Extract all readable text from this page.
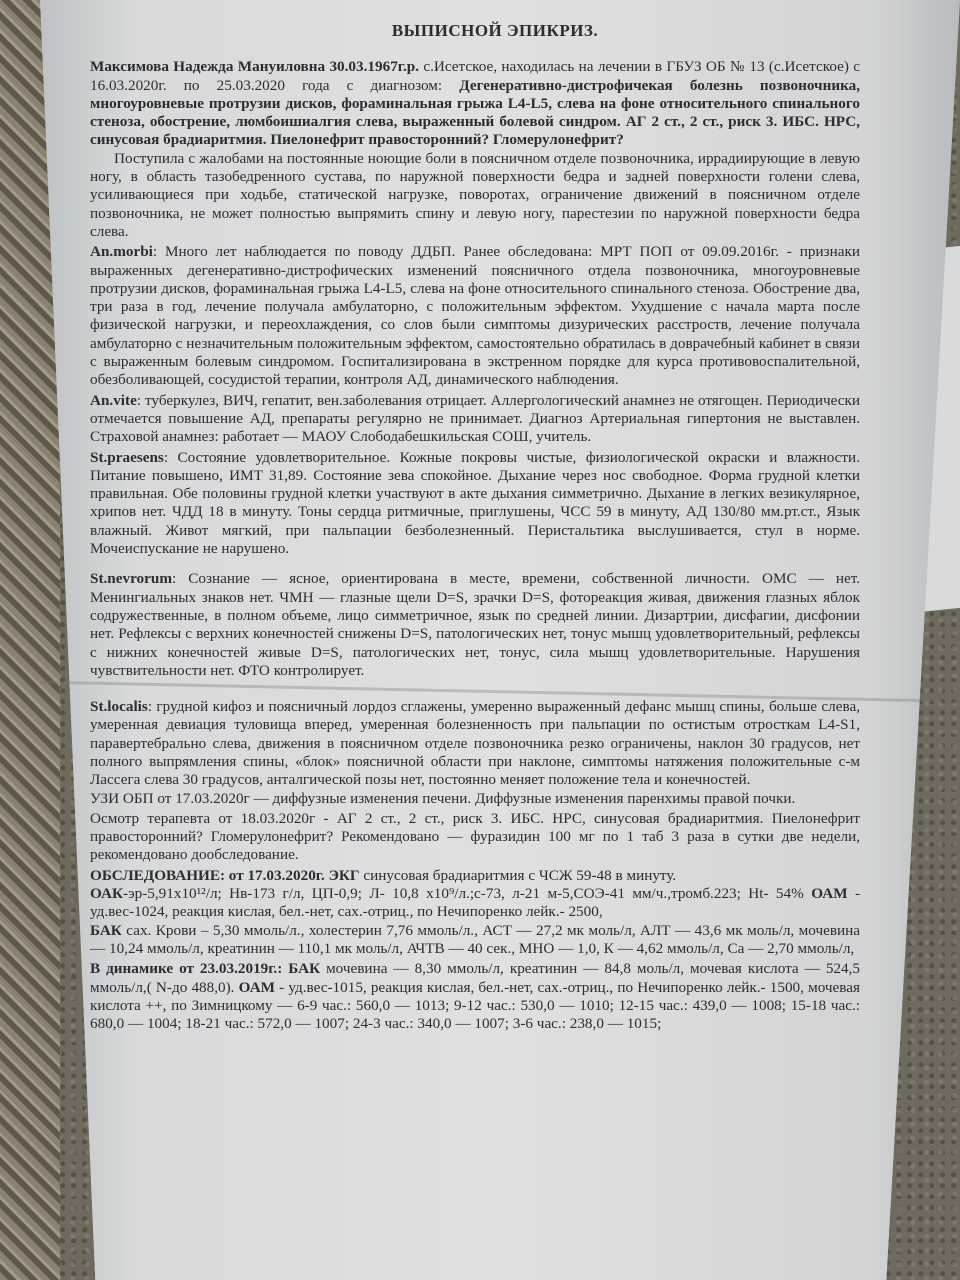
ВЫПИСНОЙ ЭПИКРИЗ.

Максимова Надежда Мануиловна 30.03.1967г.р. с.Исетское, находилась на лечении в ГБУЗ ОБ № 13 (с.Исетское) с 16.03.2020г. по 25.03.2020 года с диагнозом: Дегенеративно-дистрофичекая болезнь позвоночника, многоуровневые протрузии дисков, фораминальная грыжа L4-L5, слева на фоне относительного спинального стеноза, обострение, люмбоишиалгия слева, выраженный болевой синдром. АГ 2 ст., 2 ст., риск 3. ИБС. НРС, синусовая брадиаритмия. Пиелонефрит правосторонний? Гломерулонефрит?

Поступила с жалобами на постоянные ноющие боли в поясничном отделе позвоночника, иррадиирующие в левую ногу, в область тазобедренного сустава, по наружной поверхности бедра и задней поверхности голени слева, усиливающиеся при ходьбе, статической нагрузке, поворотах, ограничение движений в поясничном отделе позвоночника, не может полностью выпрямить спину и левую ногу, парестезии по наружной поверхности бедра слева.

An.morbi: Много лет наблюдается по поводу ДДБП. Ранее обследована: МРТ ПОП от 09.09.2016г. - признаки выраженных дегенеративно-дистрофических изменений поясничного отдела позвоночника, многоуровневые протрузии дисков, фораминальная грыжа L4-L5, слева на фоне относительного спинального стеноза. Обострение два, три раза в год, лечение получала амбулаторно, с положительным эффектом. Ухудшение с начала марта после физической нагрузки, и переохлаждения, со слов были симптомы дизурических расстроств, лечение получала амбулаторно с незначительным положительным эффектом, самостоятельно обратилась в доврачебный кабинет в связи с выраженным болевым синдромом. Госпитализирована в экстренном порядке для курса противовоспалительной, обезболивающей, сосудистой терапии, контроля АД, динамического наблюдения.

An.vite: туберкулез, ВИЧ, гепатит, вен.заболевания отрицает. Аллергологический анамнез не отягощен. Периодически отмечается повышение АД, препараты регулярно не принимает. Диагноз Артериальная гипертония не выставлен. Страховой анамнез: работает — МАОУ Слободабешкильская СОШ, учитель.

St.praesens: Состояние удовлетворительное. Кожные покровы чистые, физиологической окраски и влажности. Питание повышено, ИМТ 31,89. Состояние зева спокойное. Дыхание через нос свободное. Форма грудной клетки правильная. Обе половины грудной клетки участвуют в акте дыхания симметрично. Дыхание в легких везикулярное, хрипов нет. ЧДД 18 в минуту. Тоны сердца ритмичные, приглушены, ЧСС 59 в минуту, АД 130/80 мм.рт.ст., Язык влажный. Живот мягкий, при пальпации безболезненный. Перистальтика выслушивается, стул в норме. Мочеиспускание не нарушено.

St.nevrorum: Сознание — ясное, ориентирована в месте, времени, собственной личности. ОМС — нет. Менингиальных знаков нет. ЧМН — глазные щели D=S, зрачки D=S, фотореакция живая, движения глазных яблок содружественные, в полном объеме, лицо симметричное, язык по средней линии. Дизартрии, дисфагии, дисфонии нет. Рефлексы с верхних конечностей снижены D=S, патологических нет, тонус мышц удовлетворительный, рефлексы с нижних конечностей живые D=S, патологических нет, тонус, сила мышц удовлетворительные. Нарушения чувствительности нет. ФТО контролирует.

St.localis: грудной кифоз и поясничный лордоз сглажены, умеренно выраженный дефанс мышц спины, больше слева, умеренная девиация туловища вперед, умеренная болезненность при пальпации по остистым отросткам L4-S1, паравертебрально слева, движения в поясничном отделе позвоночника резко ограничены, наклон 30 градусов, нет полного выпрямления спины, «блок» поясничной области при наклоне, симптомы натяжения положительные с-м Лассега слева 30 градусов, анталгической позы нет, постоянно меняет положение тела и конечностей.

УЗИ ОБП от 17.03.2020г — диффузные изменения печени. Диффузные изменения паренхимы правой почки.

Осмотр терапевта от 18.03.2020г - АГ 2 ст., 2 ст., риск 3. ИБС. НРС, синусовая брадиаритмия. Пиелонефрит правосторонний? Гломерулонефрит? Рекомендовано — фуразидин 100 мг по 1 таб 3 раза в сутки две недели, рекомендовано дообследование.

ОБСЛЕДОВАНИЕ: от 17.03.2020г. ЭКГ синусовая брадиаритмия с ЧСЖ 59-48 в минуту.
ОАК-эр-5,91х10¹²/л; Нв-173 г/л, ЦП-0,9; Л- 10,8 х10⁹/л.;с-73, л-21 м-5,СОЭ-41 мм/ч.,тромб.223; Ht- 54% ОАМ - уд.вес-1024, реакция кислая, бел.-нет, сах.-отриц., по Нечипоренко лейк.- 2500,
БАК сах. Крови – 5,30 ммоль/л., холестерин 7,76 ммоль/л., АСТ — 27,2 мк моль/л, АЛТ — 43,6 мк моль/л, мочевина — 10,24 ммоль/л, креатинин — 110,1 мк моль/л, АЧТВ — 40 сек., МНО — 1,0, К — 4,62 ммоль/л, Са — 2,70 ммоль/л,

В динамике от 23.03.2019г.: БАК мочевина — 8,30 ммоль/л, креатинин — 84,8 моль/л, мочевая кислота — 524,5 ммоль/л,( N-до 488,0). ОАМ - уд.вес-1015, реакция кислая, бел.-нет, сах.-отриц., по Нечипоренко лейк.- 1500, мочевая кислота ++, по Зимницкому — 6-9 час.: 560,0 — 1013; 9-12 час.: 530,0 — 1010; 12-15 час.: 439,0 — 1008; 15-18 час.: 680,0 — 1004; 18-21 час.: 572,0 — 1007; 24-3 час.: 340,0 — 1007; 3-6 час.: 238,0 — 1015;
